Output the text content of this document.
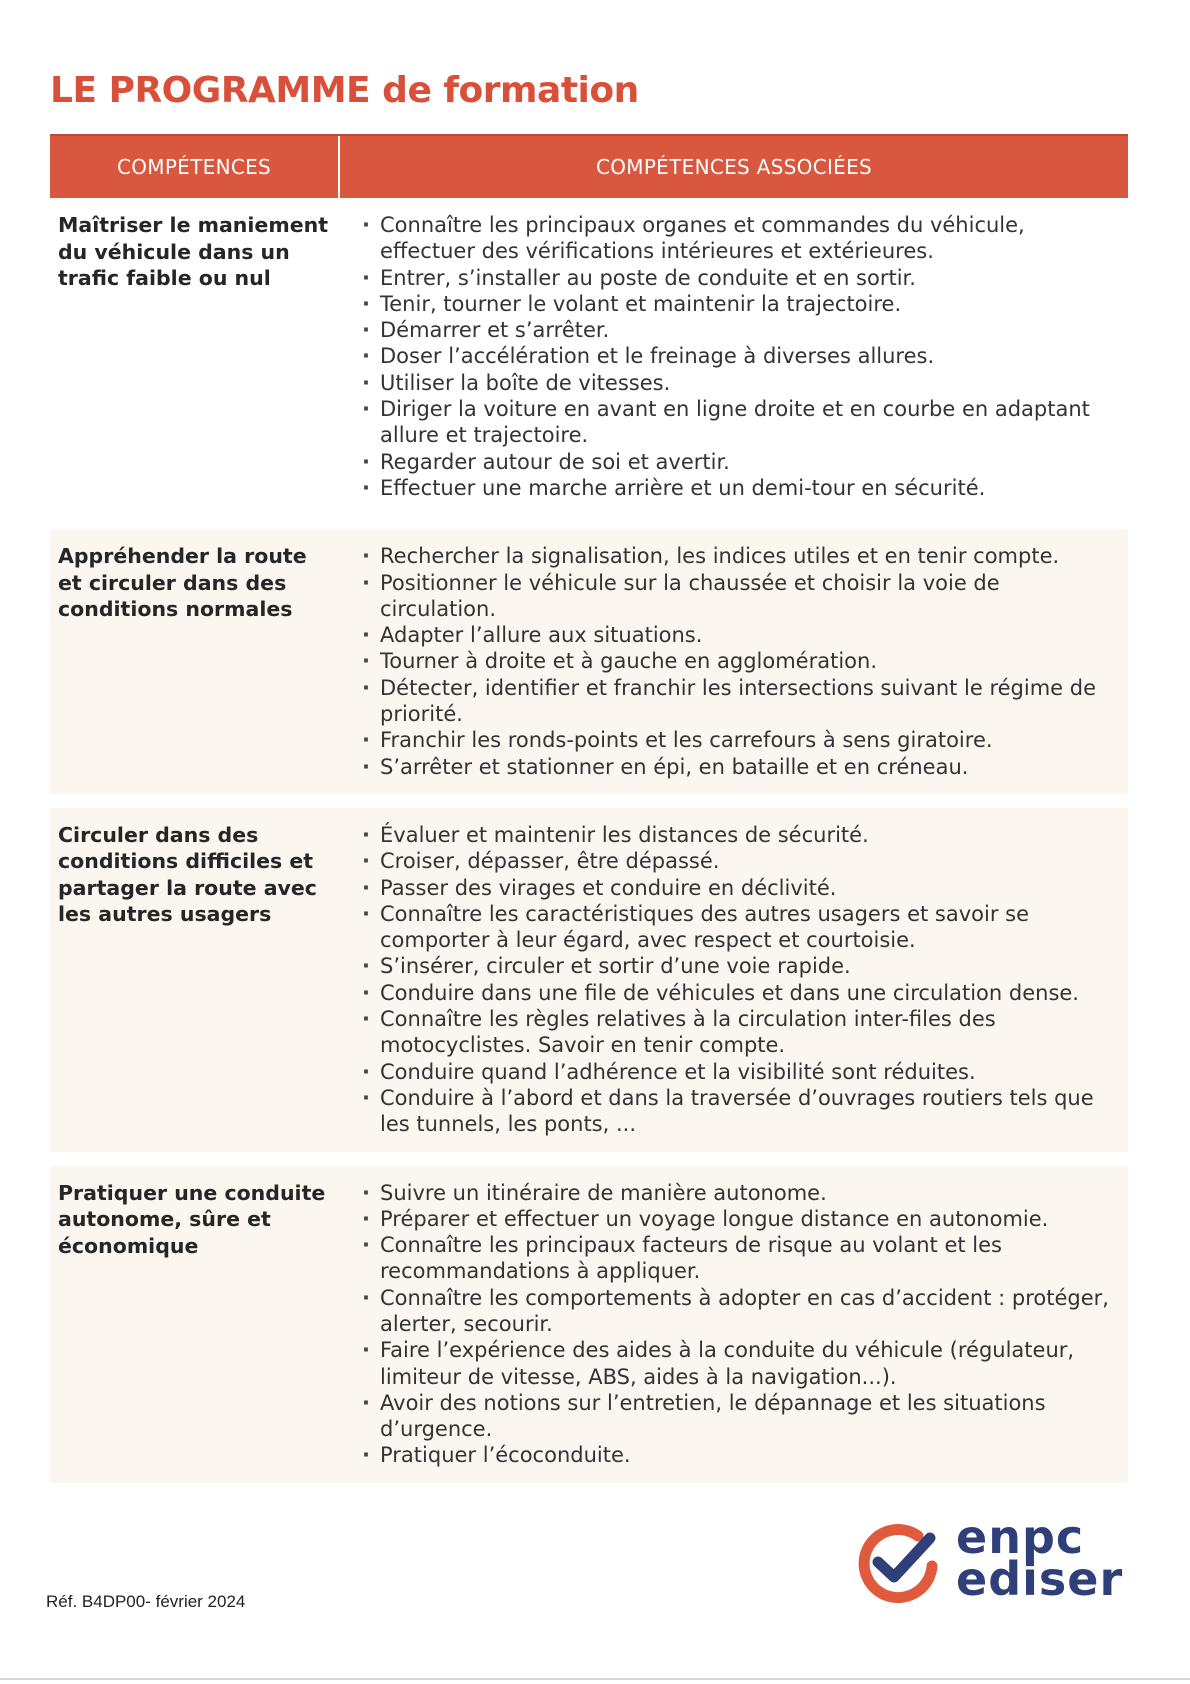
LE PROGRAMME de formation
COMPÉTENCES	COMPÉTENCES ASSOCIÉES
Maîtriser le maniement du véhicule dans un trafic faible ou nul
· Connaître les principaux organes et commandes du véhicule, effectuer des vérifications intérieures et extérieures.
· Entrer, s’installer au poste de conduite et en sortir.
· Tenir, tourner le volant et maintenir la trajectoire.
· Démarrer et s’arrêter.
· Doser l’accélération et le freinage à diverses allures.
· Utiliser la boîte de vitesses.
· Diriger la voiture en avant en ligne droite et en courbe en adaptant allure et trajectoire.
· Regarder autour de soi et avertir.
· Effectuer une marche arrière et un demi-tour en sécurité.
Appréhender la route et circuler dans des conditions normales
· Rechercher la signalisation, les indices utiles et en tenir compte.
· Positionner le véhicule sur la chaussée et choisir la voie de circulation.
· Adapter l’allure aux situations.
· Tourner à droite et à gauche en agglomération.
· Détecter, identifier et franchir les intersections suivant le régime de priorité.
· Franchir les ronds-points et les carrefours à sens giratoire.
· S’arrêter et stationner en épi, en bataille et en créneau.
Circuler dans des conditions difficiles et partager la route avec les autres usagers
· Évaluer et maintenir les distances de sécurité.
· Croiser, dépasser, être dépassé.
· Passer des virages et conduire en déclivité.
· Connaître les caractéristiques des autres usagers et savoir se comporter à leur égard, avec respect et courtoisie.
· S’insérer, circuler et sortir d’une voie rapide.
· Conduire dans une file de véhicules et dans une circulation dense.
· Connaître les règles relatives à la circulation inter-files des motocyclistes. Savoir en tenir compte.
· Conduire quand l’adhérence et la visibilité sont réduites.
· Conduire à l’abord et dans la traversée d’ouvrages routiers tels que les tunnels, les ponts, ...
Pratiquer une conduite autonome, sûre et économique
· Suivre un itinéraire de manière autonome.
· Préparer et effectuer un voyage longue distance en autonomie.
· Connaître les principaux facteurs de risque au volant et les recommandations à appliquer.
· Connaître les comportements à adopter en cas d’accident : protéger, alerter, secourir.
· Faire l’expérience des aides à la conduite du véhicule (régulateur, limiteur de vitesse, ABS, aides à la navigation...).
· Avoir des notions sur l’entretien, le dépannage et les situations d’urgence.
· Pratiquer l’écoconduite.
Réf. B4DP00- février 2024
enpc
ediser
